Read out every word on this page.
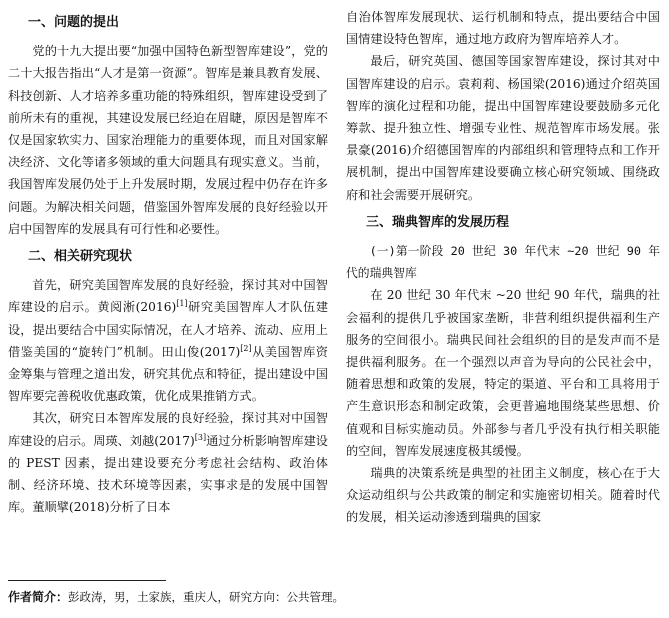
一、问题的提出

党的十九大提出要“加强中国特色新型智库建设”，党的二十大报告指出“人才是第一资源”。智库是兼具教育发展、科技创新、人才培养多重功能的特殊组织，智库建设受到了前所未有的重视，其建设发展已经迫在眉睫，原因是智库不仅是国家软实力、国家治理能力的重要体现，而且对国家解决经济、文化等诸多领域的重大问题具有现实意义。当前，我国智库发展仍处于上升发展时期，发展过程中仍存在许多问题。为解决相关问题，借鉴国外智库发展的良好经验以开启中国智库的发展具有可行性和必要性。

二、相关研究现状

首先，研究美国智库发展的良好经验，探讨其对中国智库建设的启示。黄阅淅(2016)[1]研究美国智库人才队伍建设，提出要结合中国实际情况，在人才培养、流动、应用上借鉴美国的“旋转门”机制。田山俊(2017)[2]从美国智库资金筹集与管理之道出发，研究其优点和特征，提出建设中国智库要完善税收优惠政策，优化成果推销方式。

其次，研究日本智库发展的良好经验，探讨其对中国智库建设的启示。周瑛、刘越(2017)[3]通过分析影响智库建设的 PEST 因素，提出建设要充分考虑社会结构、政治体制、经济环境、技术环境等因素，实事求是的发展中国智库。董顺擘(2018)分析了日本

自治体智库发展现状、运行机制和特点，提出要结合中国国情建设特色智库，通过地方政府为智库培养人才。

最后，研究英国、德国等国家智库建设，探讨其对中国智库建设的启示。袁莉莉、杨国梁(2016)通过介绍英国智库的演化过程和功能，提出中国智库建设要鼓励多元化筹款、提升独立性、增强专业性、规范智库市场发展。张景豪(2016)介绍德国智库的内部组织和管理特点和工作开展机制，提出中国智库建设要确立核心研究领域、围绕政府和社会需要开展研究。

三、瑞典智库的发展历程

(一)第一阶段 20 世纪 30 年代末 ~20 世纪 90 年代的瑞典智库

在 20 世纪 30 年代末 ~20 世纪 90 年代，瑞典的社会福利的提供几乎被国家垄断，非营利组织提供福利生产服务的空间很小。瑞典民间社会组织的目的是发声而不是提供福利服务。在一个强烈以声音为导向的公民社会中，随着思想和政策的发展，特定的渠道、平台和工具将用于产生意识形态和制定政策，会更普遍地围绕某些思想、价值观和目标实施动员。外部参与者几乎没有执行相关职能的空间，智库发展速度极其缓慢。

瑞典的决策系统是典型的社团主义制度，核心在于大众运动组织与公共政策的制定和实施密切相关。随着时代的发展，相关运动渗透到瑞典的国家

作者简介：彭政涛，男，土家族，重庆人，研究方向：公共管理。
